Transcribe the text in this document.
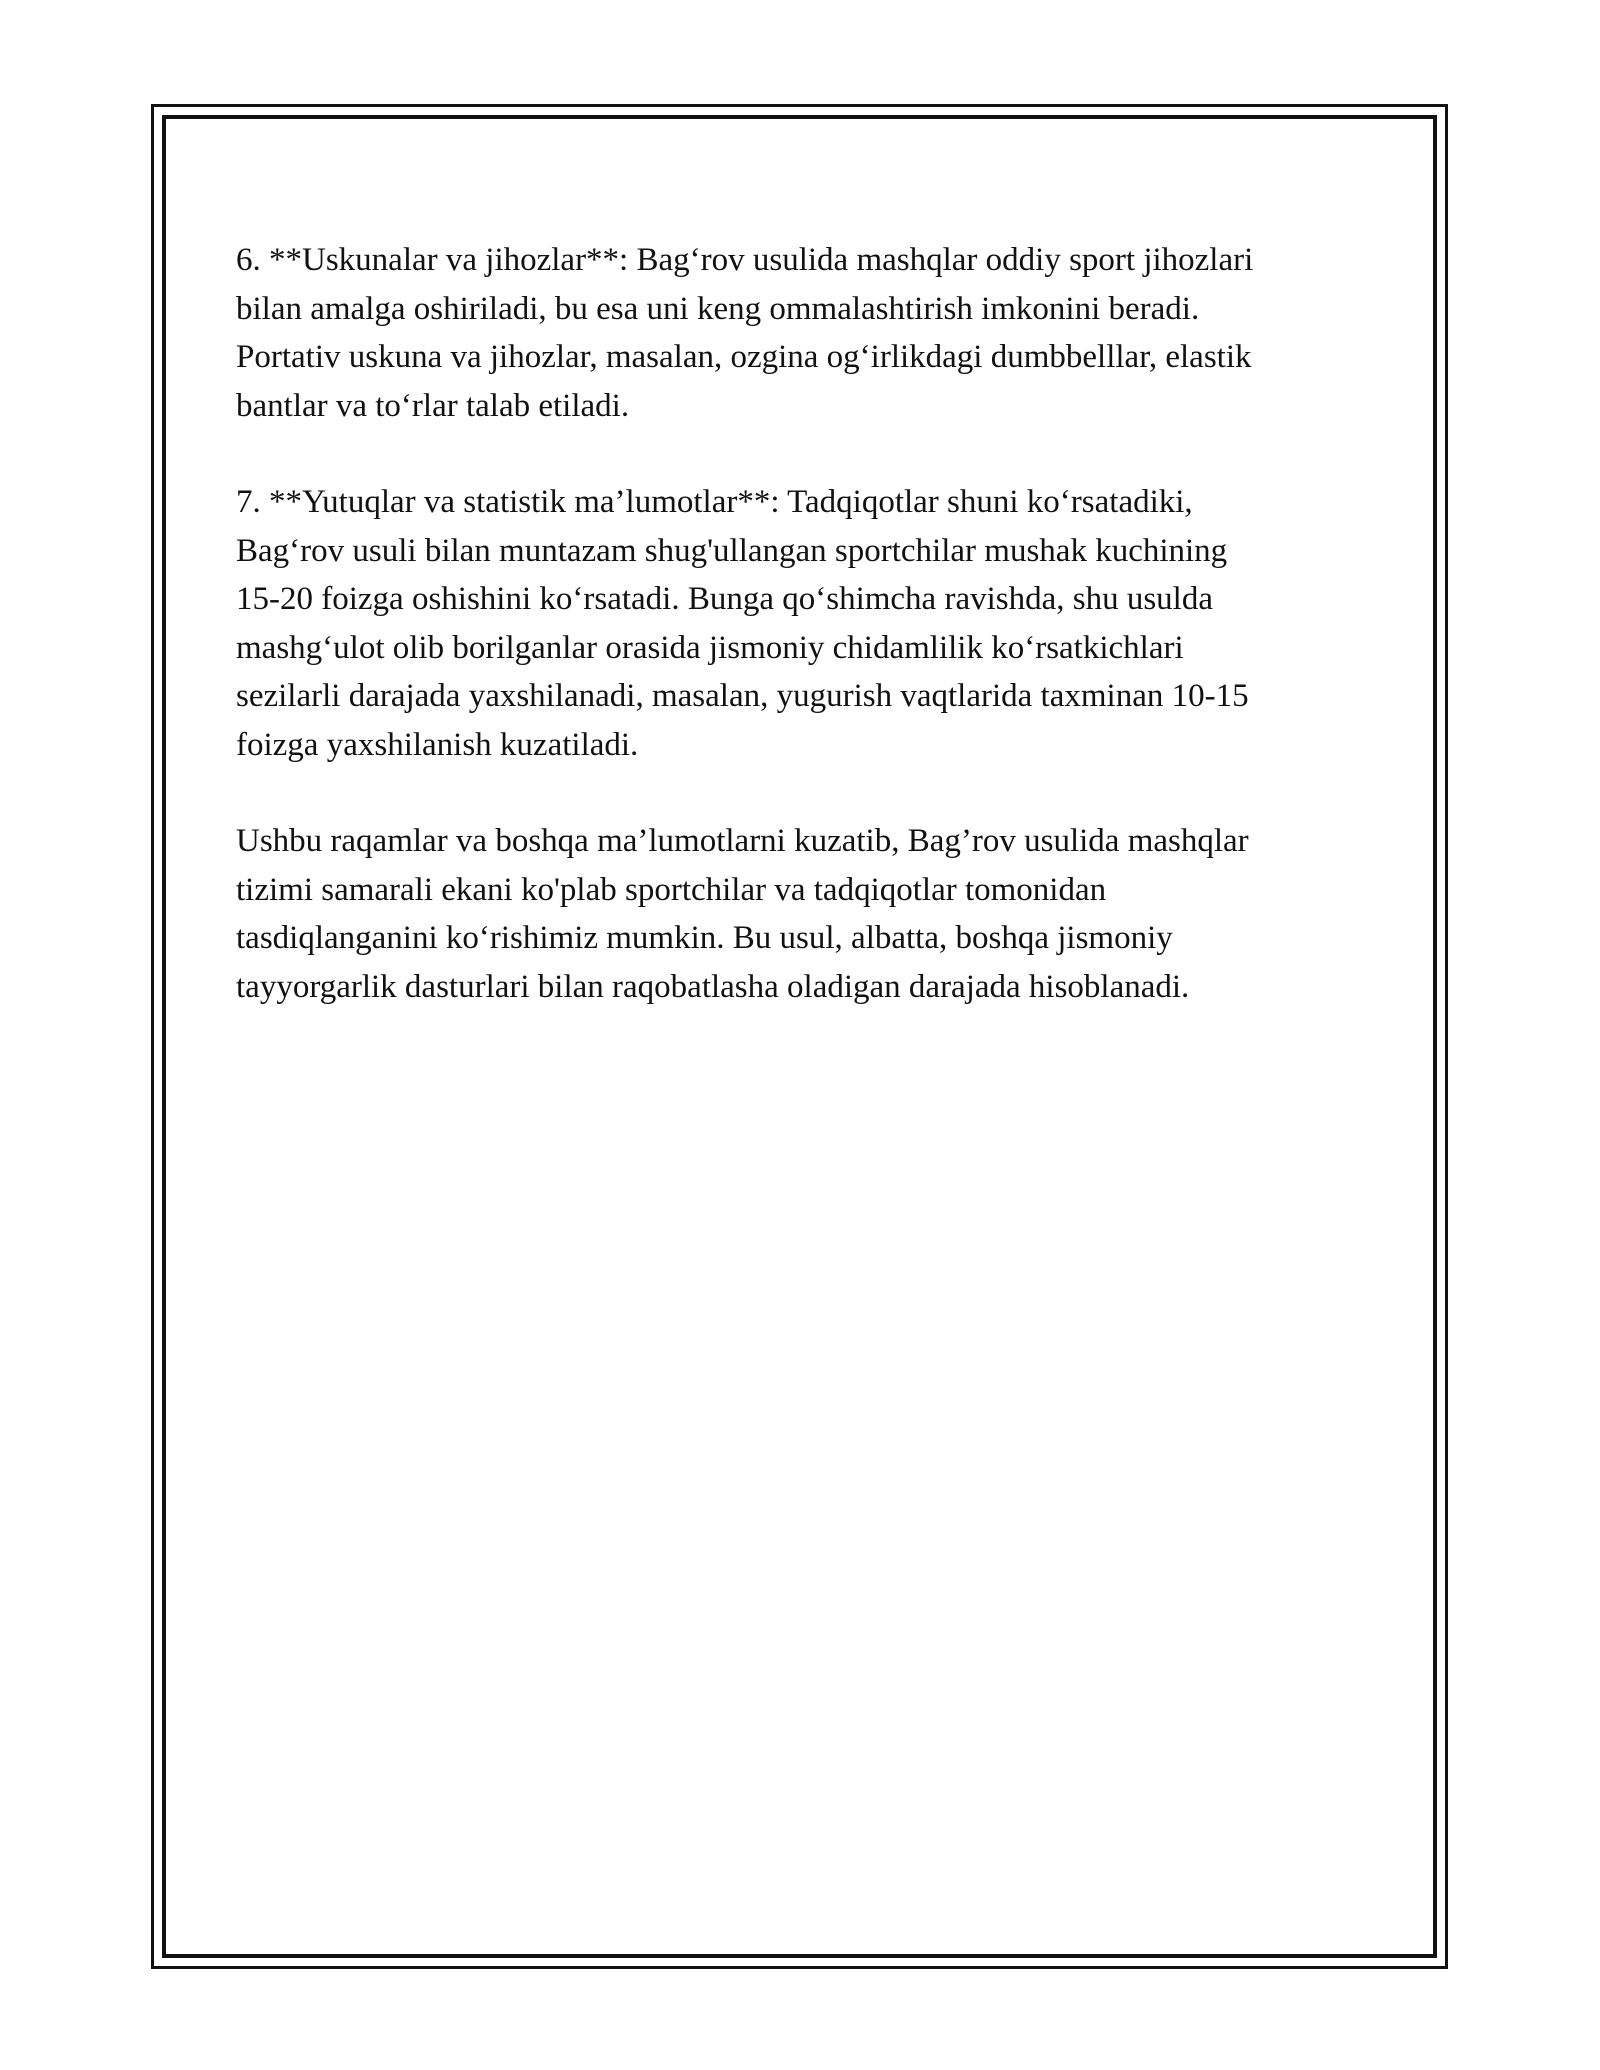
6. **Uskunalar va jihozlar**: Bag‘rov usulida mashqlar oddiy sport jihozlari
bilan amalga oshiriladi, bu esa uni keng ommalashtirish imkonini beradi.
Portativ uskuna va jihozlar, masalan, ozgina og‘irlikdagi dumbbelllar, elastik
bantlar va to‘rlar talab etiladi.

7. **Yutuqlar va statistik ma’lumotlar**: Tadqiqotlar shuni ko‘rsatadiki,
Bag‘rov usuli bilan muntazam shug'ullangan sportchilar mushak kuchining
15-20 foizga oshishini ko‘rsatadi. Bunga qo‘shimcha ravishda, shu usulda
mashg‘ulot olib borilganlar orasida jismoniy chidamlilik ko‘rsatkichlari
sezilarli darajada yaxshilanadi, masalan, yugurish vaqtlarida taxminan 10-15
foizga yaxshilanish kuzatiladi.

Ushbu raqamlar va boshqa ma’lumotlarni kuzatib, Bag’rov usulida mashqlar
tizimi samarali ekani ko'plab sportchilar va tadqiqotlar tomonidan
tasdiqlanganini ko‘rishimiz mumkin. Bu usul, albatta, boshqa jismoniy
tayyorgarlik dasturlari bilan raqobatlasha oladigan darajada hisoblanadi.
